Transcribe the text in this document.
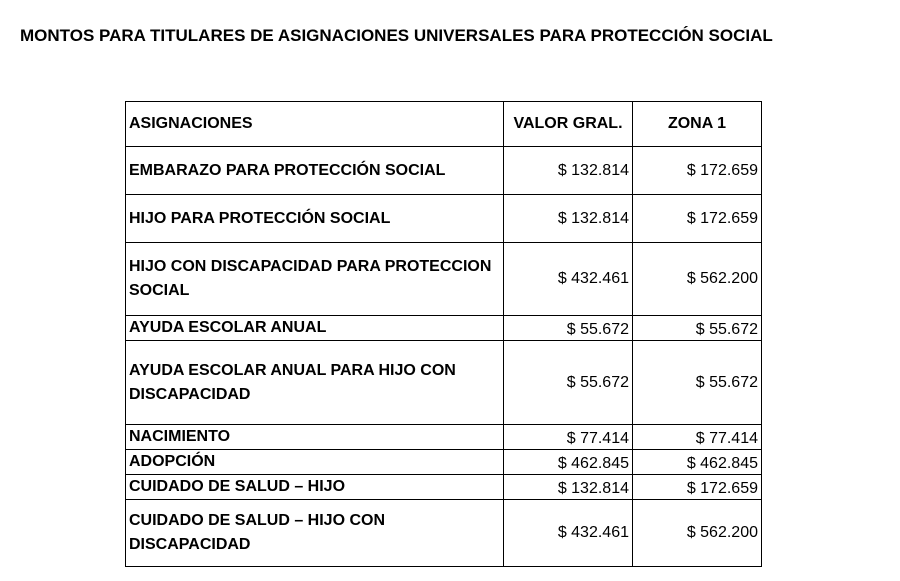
MONTOS PARA TITULARES DE ASIGNACIONES UNIVERSALES PARA PROTECCIÓN SOCIAL
ASIGNACIONES	VALOR GRAL.	ZONA 1
EMBARAZO PARA PROTECCIÓN SOCIAL	$ 132.814	$ 172.659
HIJO PARA PROTECCIÓN SOCIAL	$ 132.814	$ 172.659
HIJO CON DISCAPACIDAD PARA PROTECCION SOCIAL	$ 432.461	$ 562.200
AYUDA ESCOLAR ANUAL	$ 55.672	$ 55.672
AYUDA ESCOLAR ANUAL PARA HIJO CON DISCAPACIDAD	$ 55.672	$ 55.672
NACIMIENTO	$ 77.414	$ 77.414
ADOPCIÓN	$ 462.845	$ 462.845
CUIDADO DE SALUD – HIJO	$ 132.814	$ 172.659
CUIDADO DE SALUD – HIJO CON DISCAPACIDAD	$ 432.461	$ 562.200
